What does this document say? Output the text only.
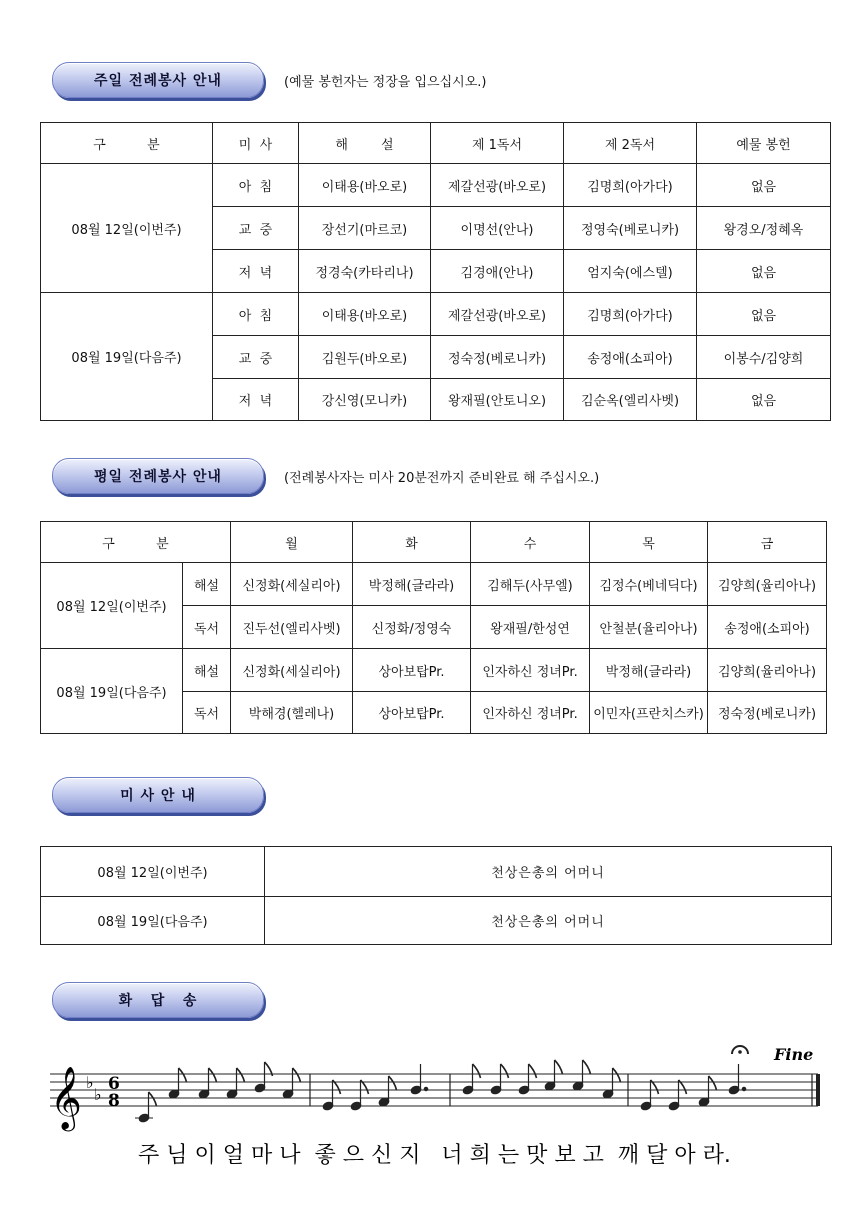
주일 전례봉사 안내	(예물 봉헌자는 정장을 입으십시오.)
구          분	미  사	해        설	제 1독서	제 2독서	예물 봉헌
08월 12일(이번주)	아  침	이태용(바오로)	제갈선광(바오로)	김명희(아가다)	없음
	교  중	장선기(마르코)	이명선(안나)	정영숙(베로니카)	왕경오/정혜옥
	저  녁	정경숙(카타리나)	김경애(안나)	엄지숙(에스텔)	없음
08월 19일(다음주)	아  침	이태용(바오로)	제갈선광(바오로)	김명희(아가다)	없음
	교  중	김원두(바오로)	정숙정(베로니카)	송정애(소피아)	이봉수/김양희
	저  녁	강신영(모니카)	왕재필(안토니오)	김순옥(엘리사벳)	없음
평일 전례봉사 안내	(전례봉사자는 미사 20분전까지 준비완료 해 주십시오.)
구          분		월	화	수	목	금
08월 12일(이번주)	해설	신정화(세실리아)	박정해(글라라)	김해두(사무엘)	김정수(베네딕다)	김양희(율리아나)
	독서	진두선(엘리사벳)	신정화/정영숙	왕재필/한성연	안철분(율리아나)	송정애(소피아)
08월 19일(다음주)	해설	신정화(세실리아)	상아보탑Pr.	인자하신 정녀Pr.	박정해(글라라)	김양희(율리아나)
	독서	박해경(헬레나)	상아보탑Pr.	인자하신 정녀Pr.	이민자(프란치스카)	정숙정(베로니카)
미 사 안 내
08월 12일(이번주)	천상은총의 어머니
08월 19일(다음주)	천상은총의 어머니
화   답   송
𝄞 ♭
♭
6
8
Fine
주 님 이 얼 마 나  좋 으 신 지   너 희 는 맛 보 고  깨 달 아 라.
